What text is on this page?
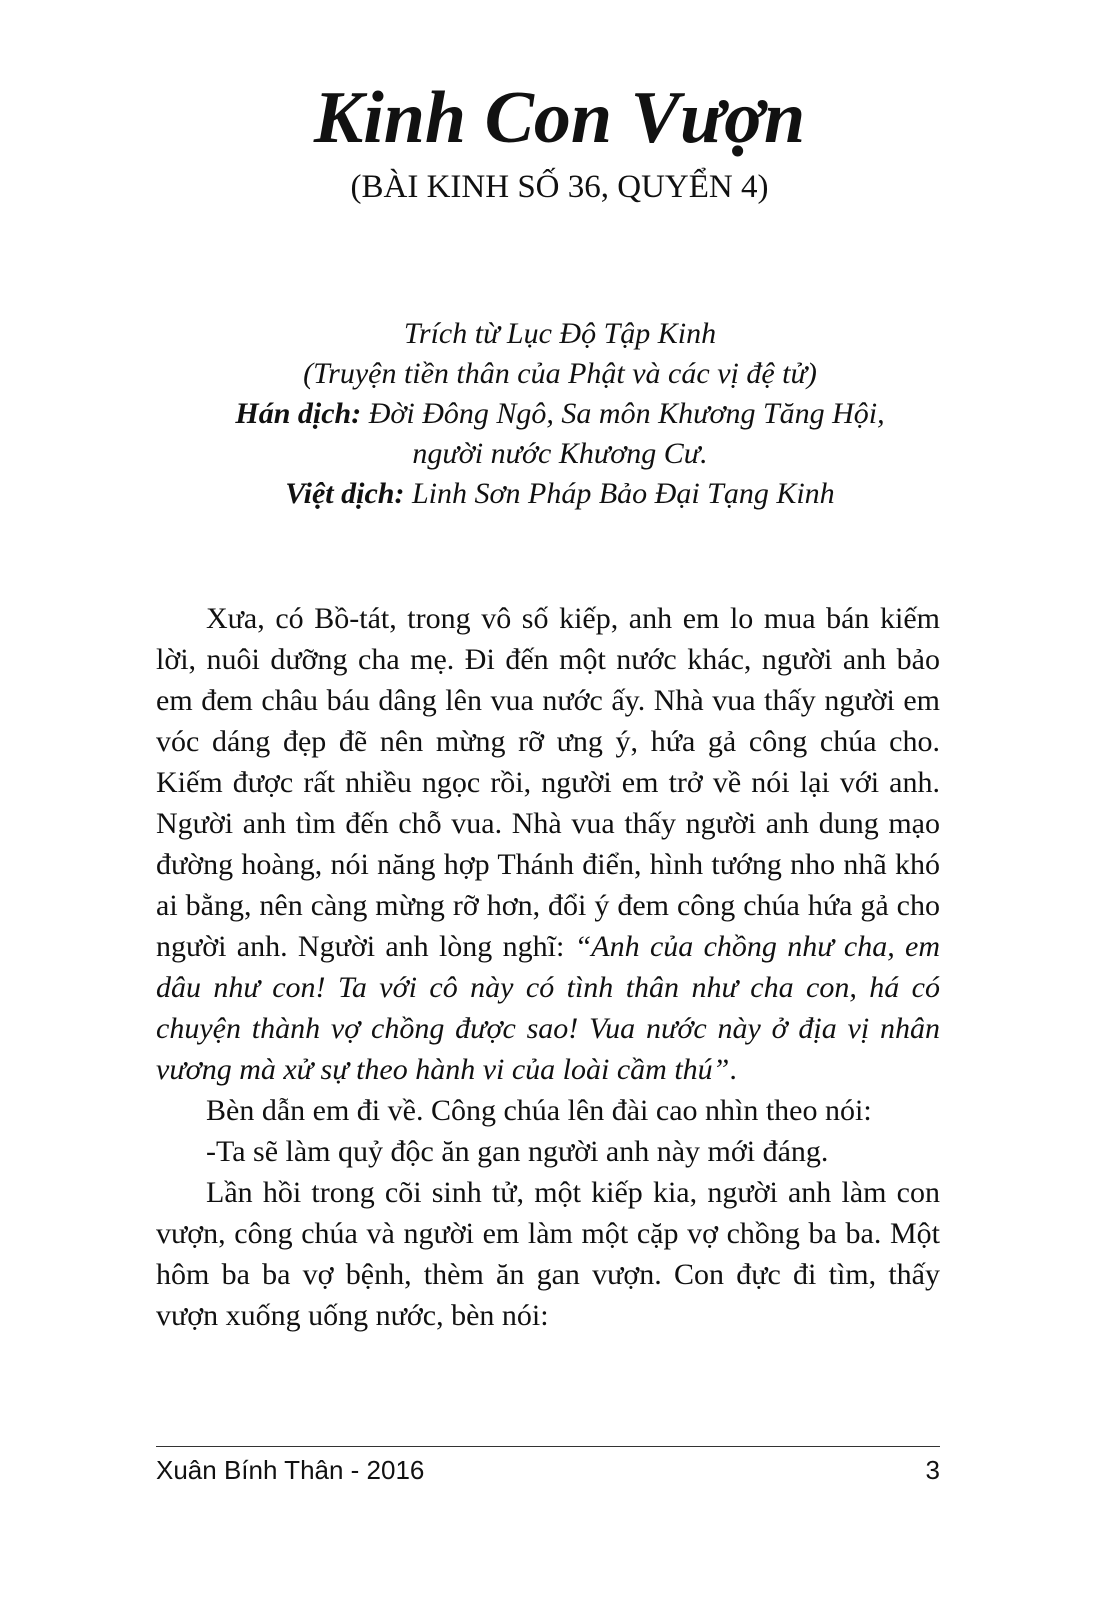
Kinh Con Vượn
(BÀI KINH SỐ 36, QUYỂN 4)
Trích từ Lục Độ Tập Kinh
(Truyện tiền thân của Phật và các vị đệ tử)
Hán dịch: Đời Đông Ngô, Sa môn Khương Tăng Hội,
người nước Khương Cư.
Việt dịch: Linh Sơn Pháp Bảo Đại Tạng Kinh

Xưa, có Bồ-tát, trong vô số kiếp, anh em lo mua bán kiếm lời, nuôi dưỡng cha mẹ. Đi đến một nước khác, người anh bảo em đem châu báu dâng lên vua nước ấy. Nhà vua thấy người em vóc dáng đẹp đẽ nên mừng rỡ ưng ý, hứa gả công chúa cho. Kiếm được rất nhiều ngọc rồi, người em trở về nói lại với anh. Người anh tìm đến chỗ vua. Nhà vua thấy người anh dung mạo đường hoàng, nói năng hợp Thánh điển, hình tướng nho nhã khó ai bằng, nên càng mừng rỡ hơn, đổi ý đem công chúa hứa gả cho người anh. Người anh lòng nghĩ: “Anh của chồng như cha, em dâu như con! Ta với cô này có tình thân như cha con, há có chuyện thành vợ chồng được sao! Vua nước này ở địa vị nhân vương mà xử sự theo hành vi của loài cầm thú”.

Bèn dẫn em đi về. Công chúa lên đài cao nhìn theo nói:

-Ta sẽ làm quỷ độc ăn gan người anh này mới đáng.

Lần hồi trong cõi sinh tử, một kiếp kia, người anh làm con vượn, công chúa và người em làm một cặp vợ chồng ba ba. Một hôm ba ba vợ bệnh, thèm ăn gan vượn. Con đực đi tìm, thấy vượn xuống uống nước, bèn nói:

Xuân Bính Thân - 2016	3
